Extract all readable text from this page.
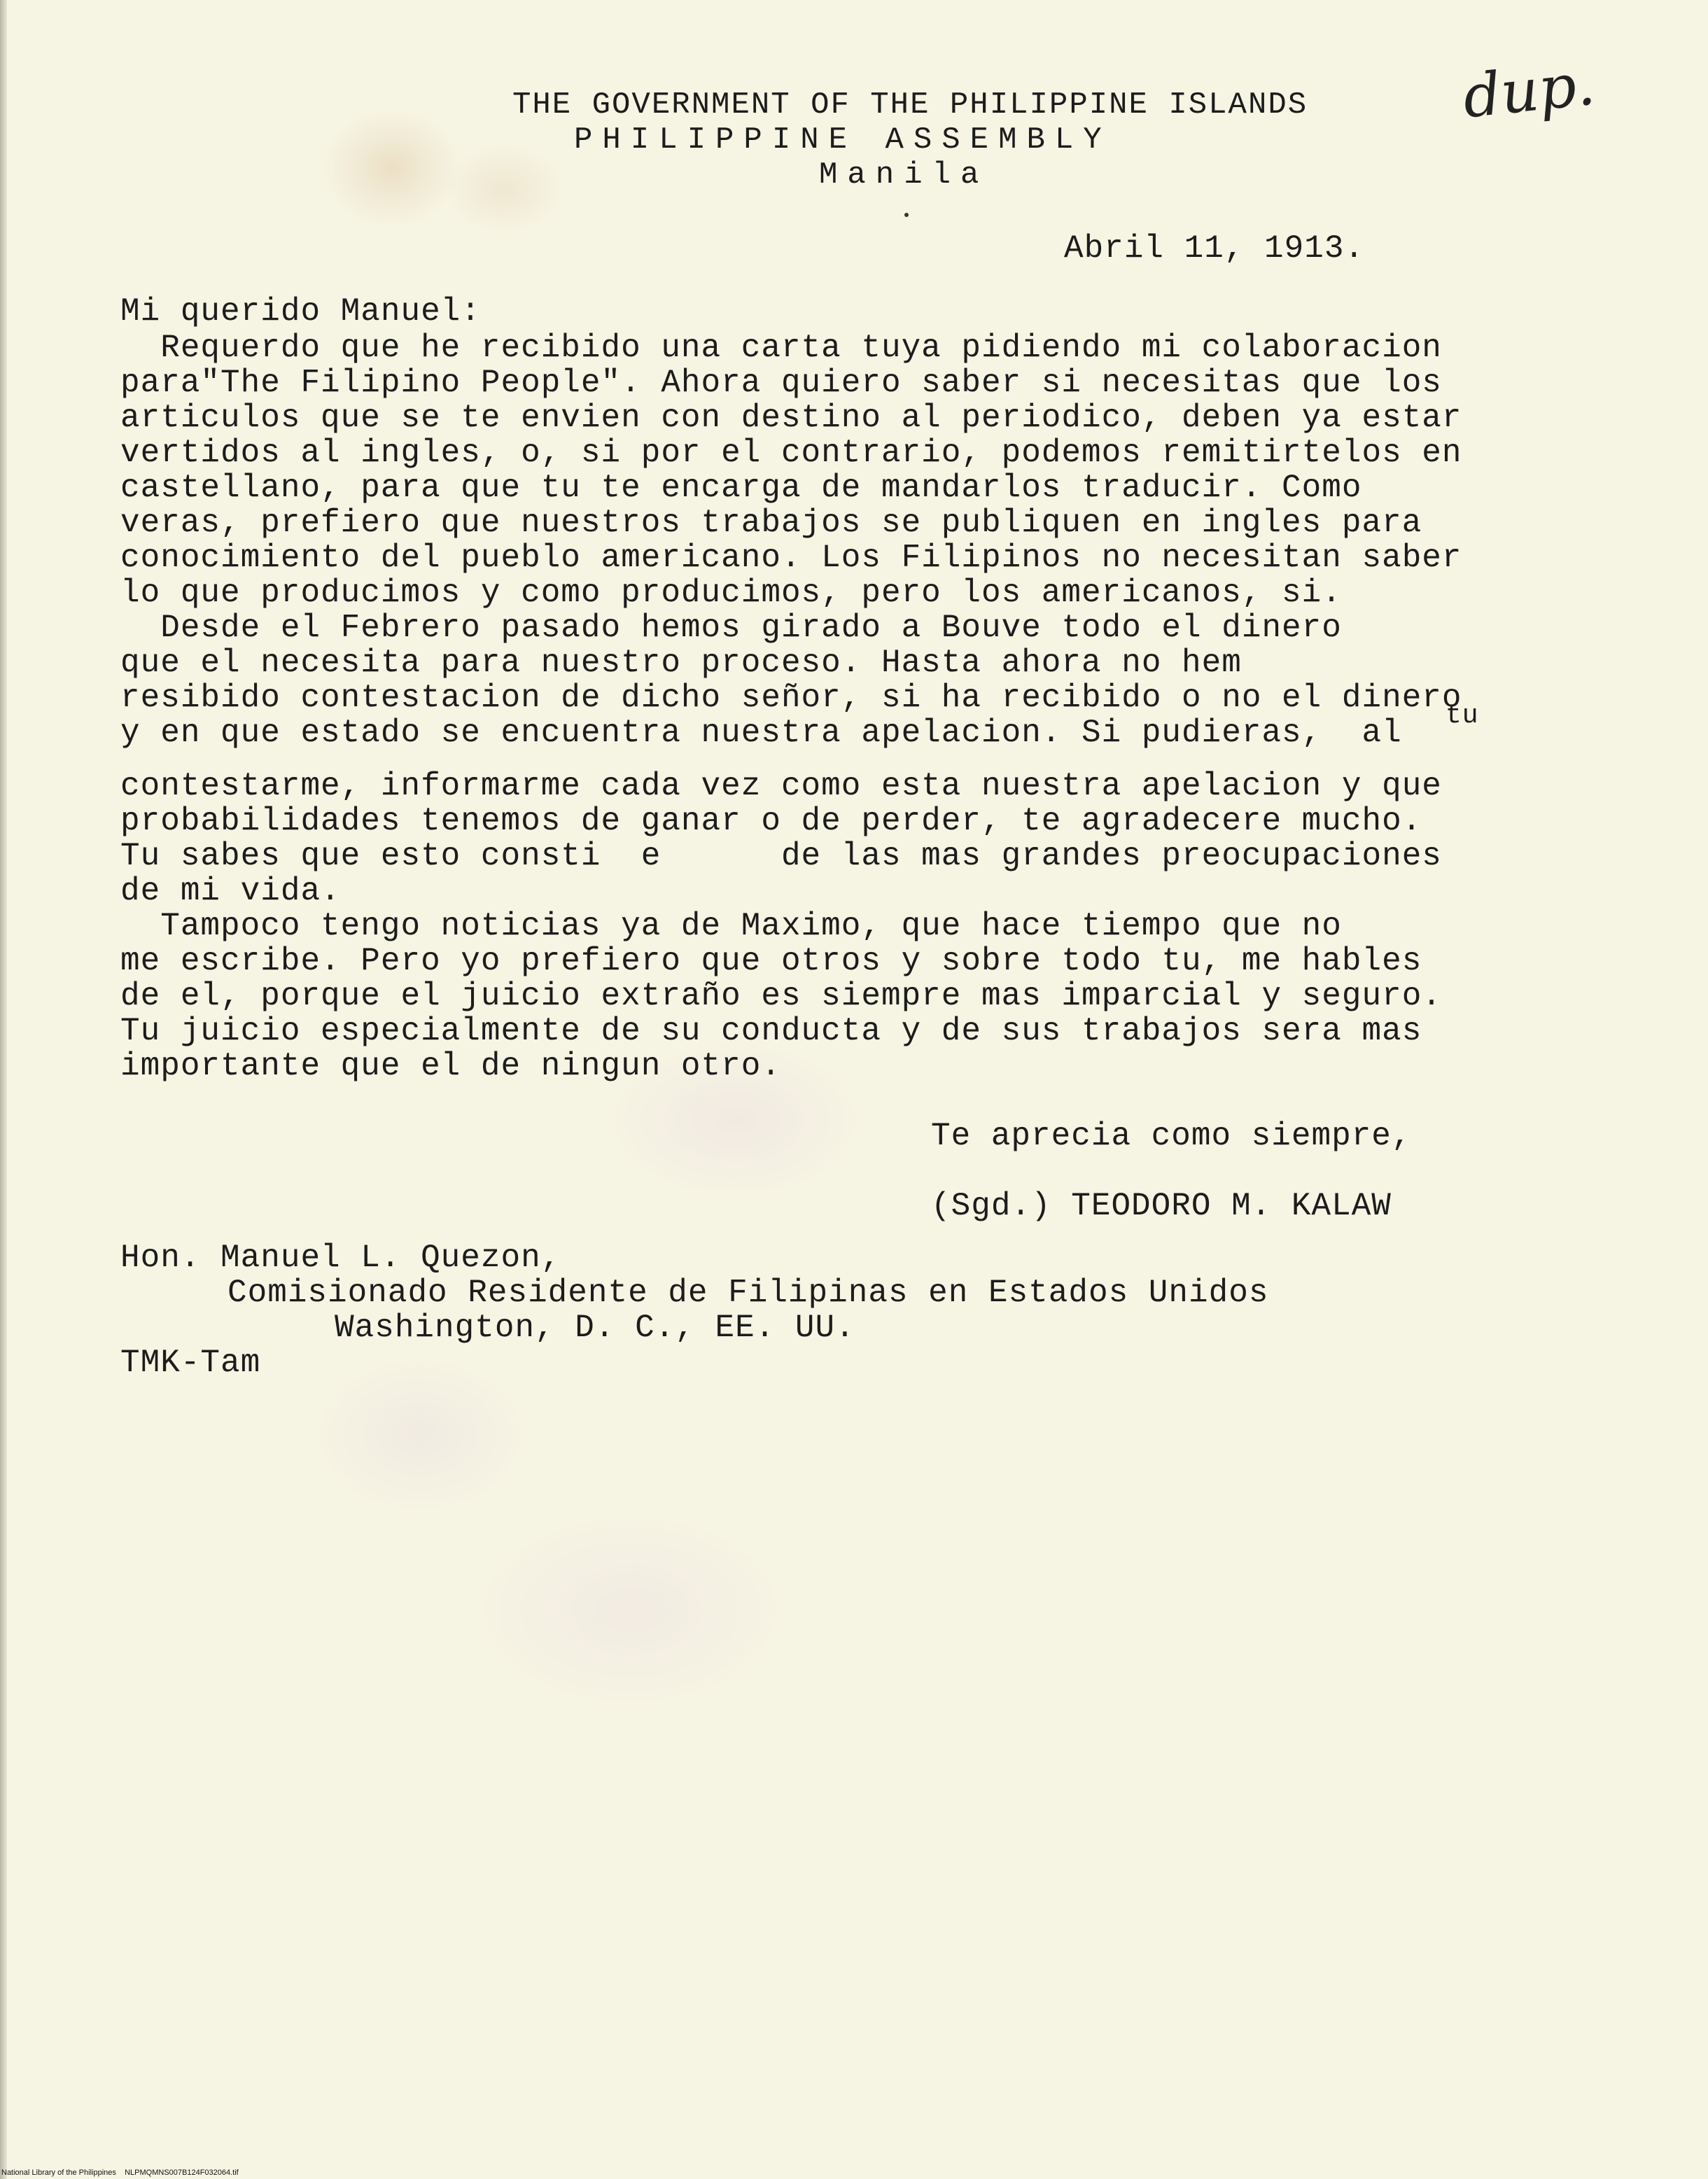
THE GOVERNMENT OF THE PHILIPPINE ISLANDS
PHILIPPINE ASSEMBLY
Manila
dup.
Abril 11, 1913.
Mi querido Manuel:
Requerdo que he recibido una carta tuya pidiendo mi colaboracion
para"The Filipino People". Ahora quiero saber si necesitas que los
articulos que se te envien con destino al periodico, deben ya estar
vertidos al ingles, o, si por el contrario, podemos remitirtelos en
castellano, para que tu te encarga de mandarlos traducir. Como
veras, prefiero que nuestros trabajos se publiquen en ingles para
conocimiento del pueblo americano. Los Filipinos no necesitan saber
lo que producimos y como producimos, pero los americanos, si.
Desde el Febrero pasado hemos girado a Bouve todo el dinero
que el necesita para nuestro proceso. Hasta ahora no hem
resibido contestacion de dicho señor, si ha recibido o no el dinero
y en que estado se encuentra nuestra apelacion. Si pudieras,  al tu
contestarme, informarme cada vez como esta nuestra apelacion y que
probabilidades tenemos de ganar o de perder, te agradecere mucho.
Tu sabes que esto consti  e      de las mas grandes preocupaciones
de mi vida.
Tampoco tengo noticias ya de Maximo, que hace tiempo que no
me escribe. Pero yo prefiero que otros y sobre todo tu, me hables
de el, porque el juicio extraño es siempre mas imparcial y seguro.
Tu juicio especialmente de su conducta y de sus trabajos sera mas
importante que el de ningun otro.
Te aprecia como siempre,
(Sgd.) TEODORO M. KALAW
Hon. Manuel L. Quezon,
Comisionado Residente de Filipinas en Estados Unidos
Washington, D. C., EE. UU.
TMK-Tam
National Library of the Philippines    NLPMQMNS007B124F032064.tif
